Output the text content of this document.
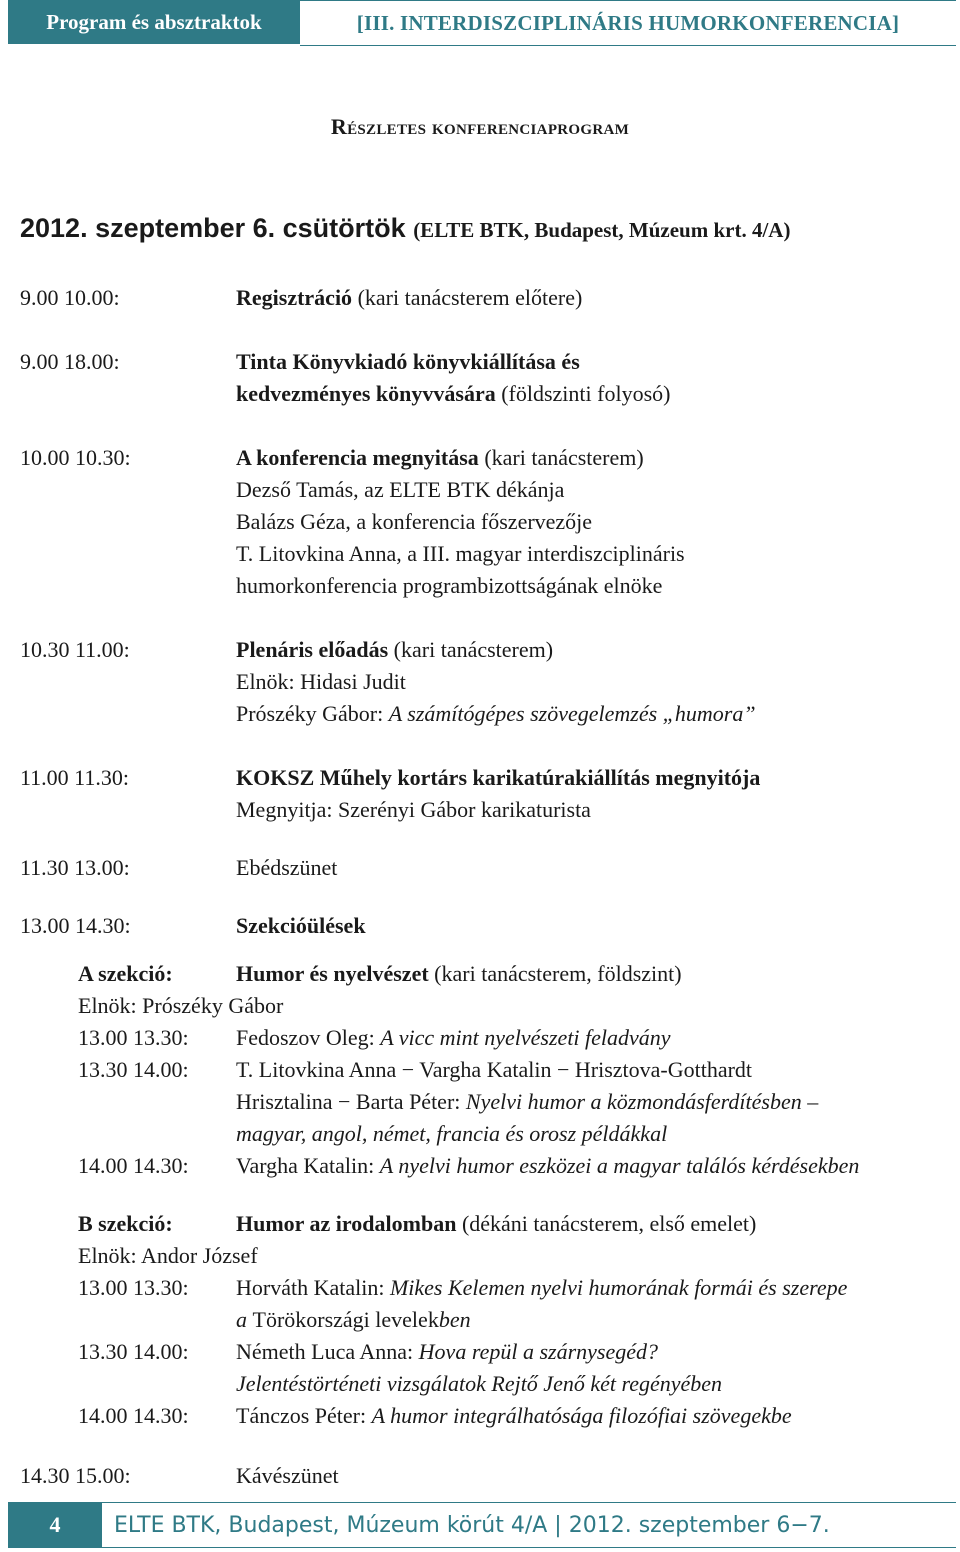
Program és absztraktok	[III. INTERDISZCIPLINÁRIS HUMORKONFERENCIA]
Részletes konferenciaprogram
2012. szeptember 6. csütörtök (ELTE BTK, Budapest, Múzeum krt. 4/A)
9.00 10.00:	Regisztráció (kari tanácsterem előtere)
9.00 18.00:	Tinta Könyvkiadó könyvkiállítása és
kedvezményes könyvvására (földszinti folyosó)
10.00 10.30:	A konferencia megnyitása (kari tanácsterem)
Dezső Tamás, az ELTE BTK dékánja
Balázs Géza, a konferencia főszervezője
T. Litovkina Anna, a III. magyar interdiszciplináris
humorkonferencia programbizottságának elnöke
10.30 11.00:	Plenáris előadás (kari tanácsterem)
Elnök: Hidasi Judit
Prószéky Gábor: A számítógépes szövegelemzés „humora”
11.00 11.30:	KOKSZ Műhely kortárs karikatúrakiállítás megnyitója
Megnyitja: Szerényi Gábor karikaturista
11.30 13.00:	Ebédszünet
13.00 14.30:	Szekcióülések
A szekció:	Humor és nyelvészet (kari tanácsterem, földszint)
Elnök: Prószéky Gábor
13.00 13.30: Fedoszov Oleg: A vicc mint nyelvészeti feladvány
13.30 14.00: T. Litovkina Anna − Vargha Katalin − Hrisztova-Gotthardt
Hrisztalina − Barta Péter: Nyelvi humor a közmondásferdítésben –
magyar, angol, német, francia és orosz példákkal
14.00 14.30: Vargha Katalin: A nyelvi humor eszközei a magyar találós kérdésekben
B szekció:	Humor az irodalomban (dékáni tanácsterem, első emelet)
Elnök: Andor József
13.00 13.30: Horváth Katalin: Mikes Kelemen nyelvi humorának formái és szerepe
a Törökországi levelekben
13.30 14.00: Németh Luca Anna: Hova repül a szárnysegéd?
Jelentéstörténeti vizsgálatok Rejtő Jenő két regényében
14.00 14.30: Tánczos Péter: A humor integrálhatósága filozófiai szövegekbe
14.30 15.00:	Kávészünet
4	ELTE BTK, Budapest, Múzeum körút 4/A | 2012. szeptember 6−7.
